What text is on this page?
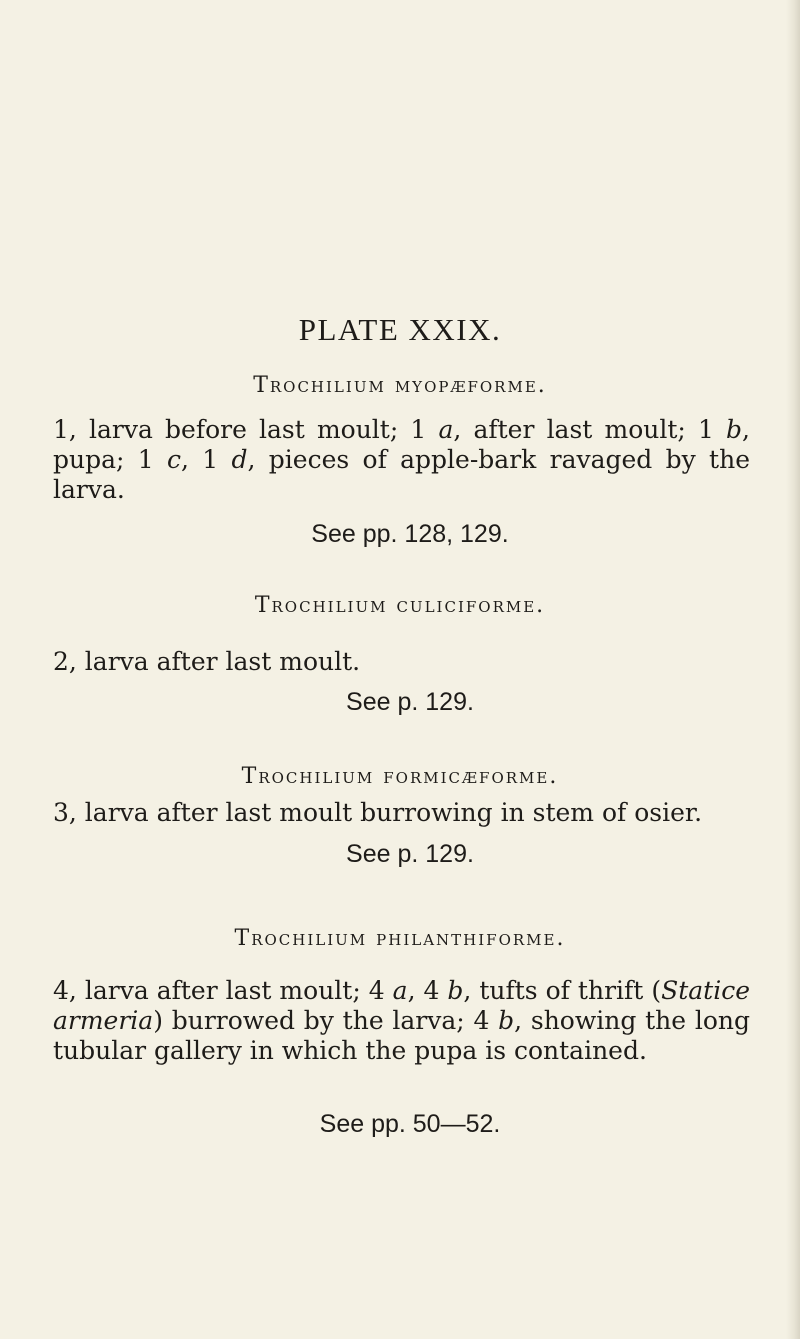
PLATE XXIX.
Trochilium myopæforme.

1, larva before last moult; 1 a, after last moult; 1 b, pupa; 1 c, 1 d, pieces of apple-bark ravaged by the larva.

See pp. 128, 129.
Trochilium culiciforme.

2, larva after last moult.

See p. 129.
Trochilium formicæforme.

3, larva after last moult burrowing in stem of osier.

See p. 129.
Trochilium philanthiforme.

4, larva after last moult; 4 a, 4 b, tufts of thrift (Statice armeria) burrowed by the larva; 4 b, showing the long tubular gallery in which the pupa is contained.

See pp. 50—52.
